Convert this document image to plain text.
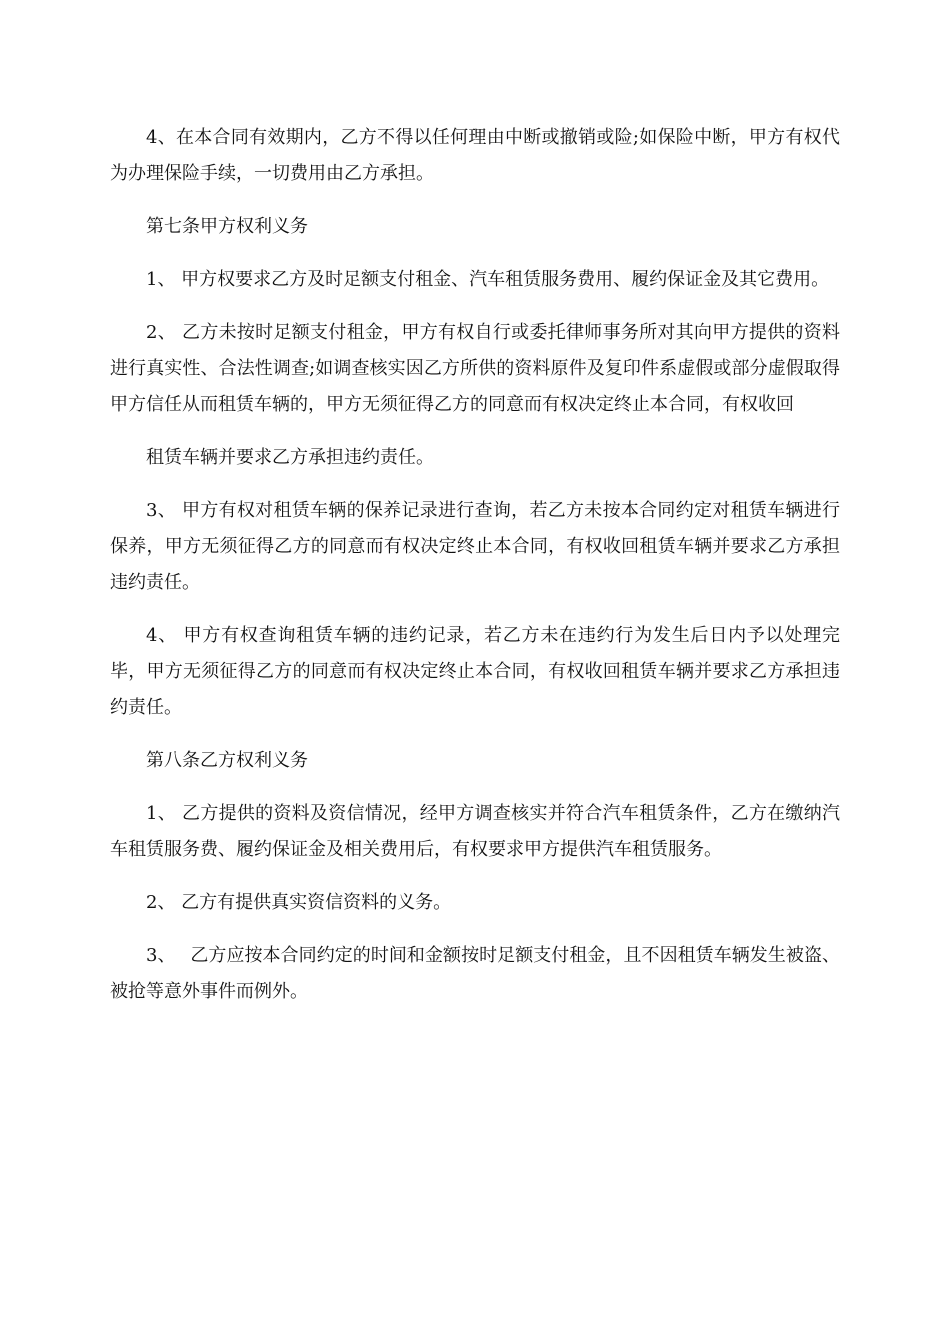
4、在本合同有效期内，乙方不得以任何理由中断或撤销或险;如保险中断，甲方有权代为办理保险手续，一切费用由乙方承担。

第七条甲方权利义务

1、 甲方权要求乙方及时足额支付租金、汽车租赁服务费用、履约保证金及其它费用。

2、 乙方未按时足额支付租金，甲方有权自行或委托律师事务所对其向甲方提供的资料进行真实性、合法性调查;如调查核实因乙方所供的资料原件及复印件系虚假或部分虚假取得甲方信任从而租赁车辆的，甲方无须征得乙方的同意而有权决定终止本合同，有权收回

租赁车辆并要求乙方承担违约责任。

3、 甲方有权对租赁车辆的保养记录进行查询，若乙方未按本合同约定对租赁车辆进行保养，甲方无须征得乙方的同意而有权决定终止本合同，有权收回租赁车辆并要求乙方承担违约责任。

4、 甲方有权查询租赁车辆的违约记录，若乙方未在违约行为发生后日内予以处理完毕，甲方无须征得乙方的同意而有权决定终止本合同，有权收回租赁车辆并要求乙方承担违约责任。

第八条乙方权利义务

1、 乙方提供的资料及资信情况，经甲方调查核实并符合汽车租赁条件，乙方在缴纳汽车租赁服务费、履约保证金及相关费用后，有权要求甲方提供汽车租赁服务。

2、 乙方有提供真实资信资料的义务。

3、　 乙方应按本合同约定的时间和金额按时足额支付租金，且不因租赁车辆发生被盗、被抢等意外事件而例外。
